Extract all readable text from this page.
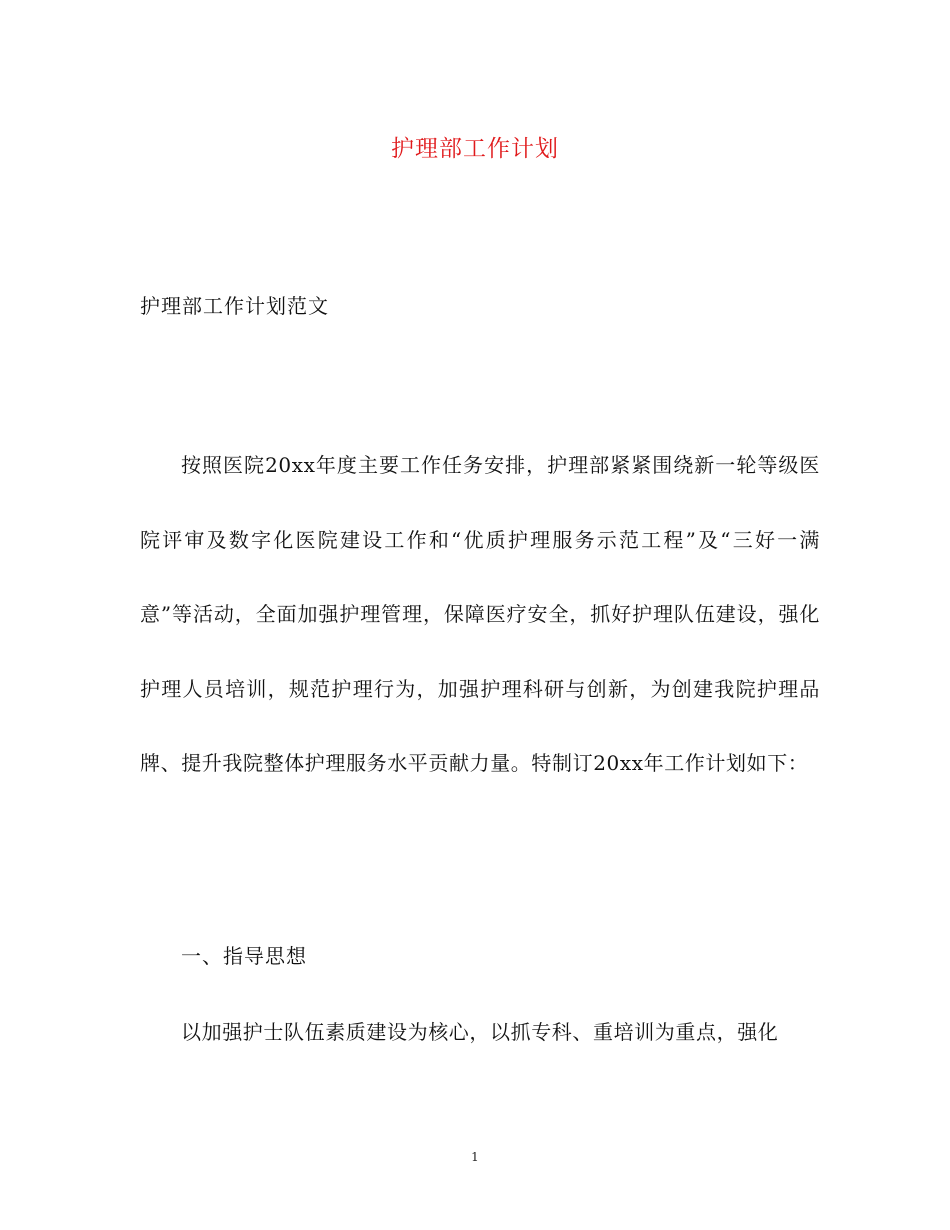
护理部工作计划
护理部工作计划范文

按照医院20xx年度主要工作任务安排，护理部紧紧围绕新一轮等级医院评审及数字化医院建设工作和“优质护理服务示范工程”及“三好一满意”等活动，全面加强护理管理，保障医疗安全，抓好护理队伍建设，强化护理人员培训，规范护理行为，加强护理科研与创新，为创建我院护理品牌、提升我院整体护理服务水平贡献力量。特制订20xx年工作计划如下：

一、指导思想

以加强护士队伍素质建设为核心，以抓专科、重培训为重点，强化

1
